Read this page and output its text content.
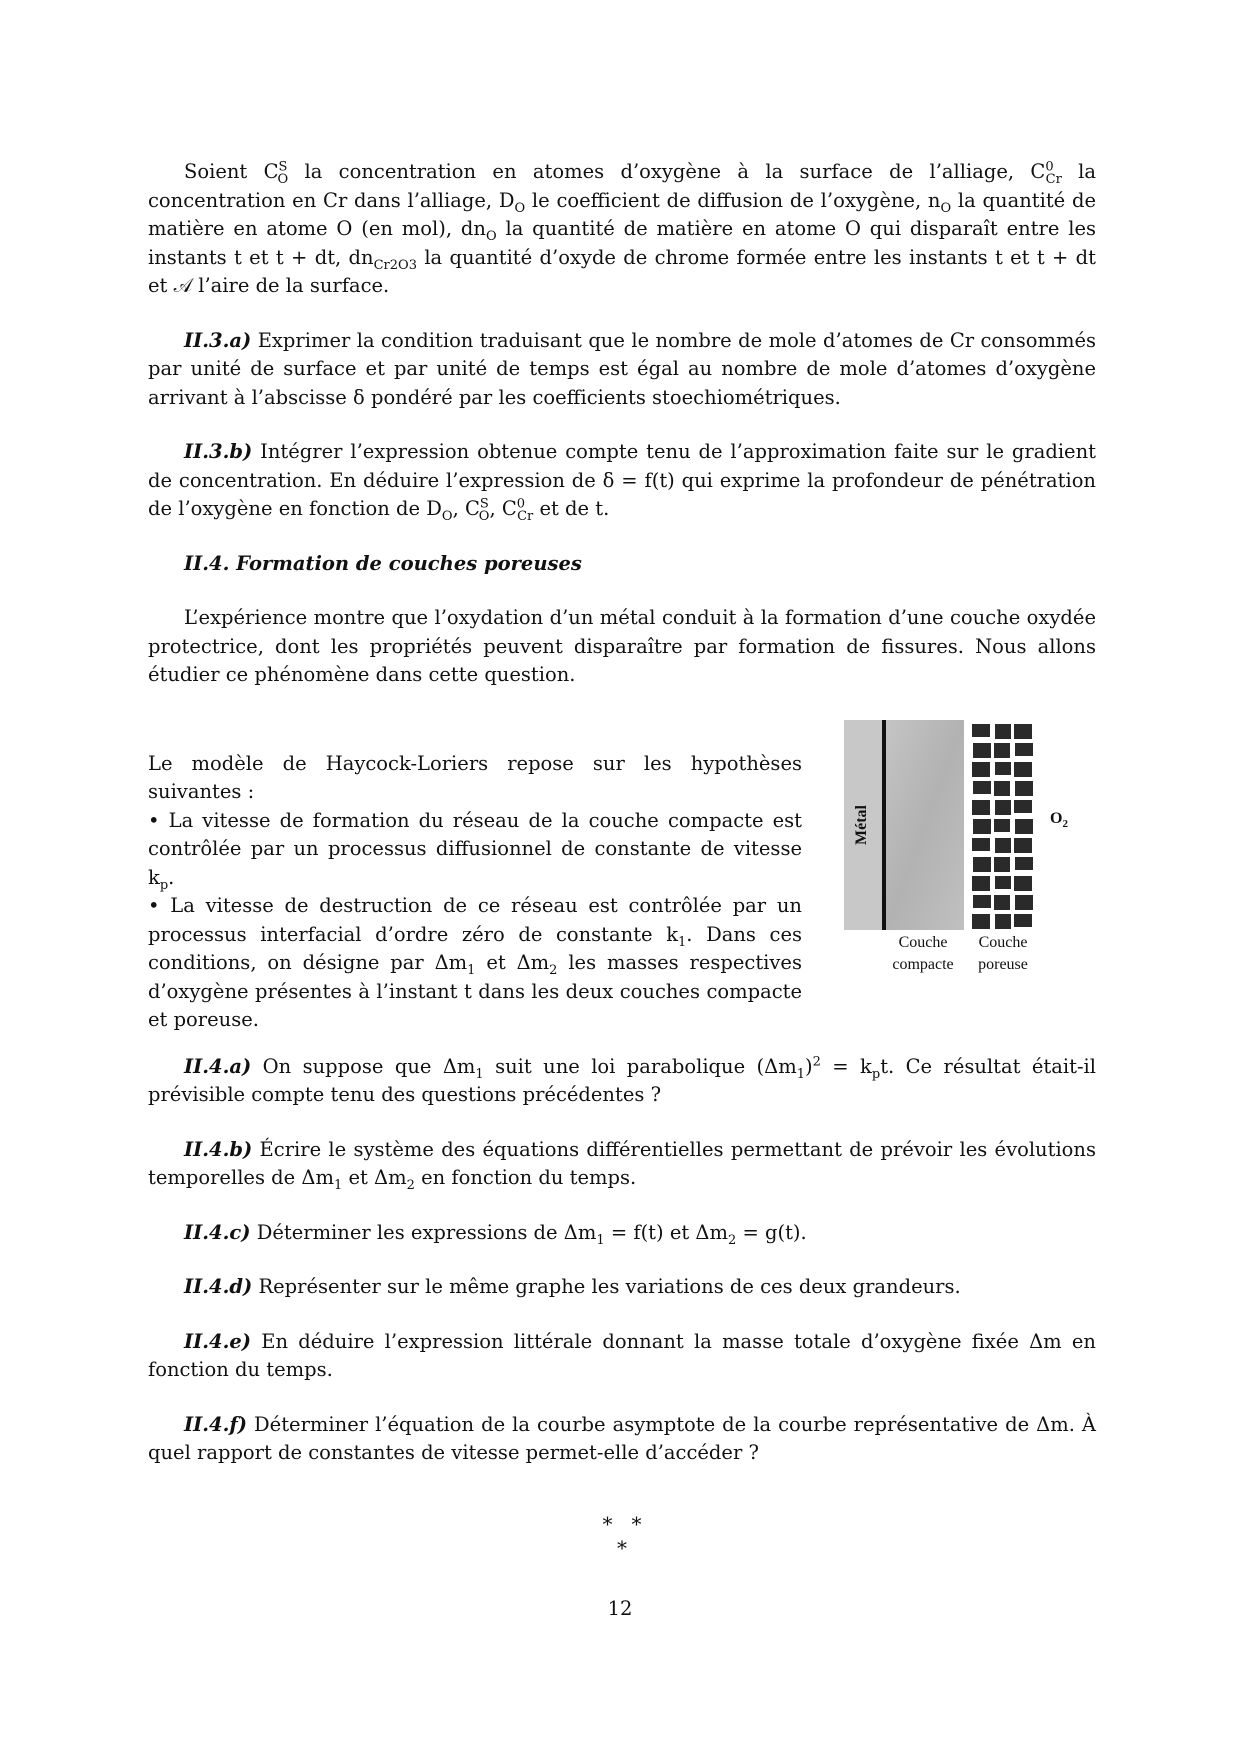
Soient $C^S_O$ la concentration en atomes d’oxygène à la surface de l’alliage, $C^0_{Cr}$ la concentration en Cr dans l’alliage, $D_O$ le coefficient de diffusion de l’oxygène, $n_O$ la quantité de matière en atome O (en mol), $dn_O$ la quantité de matière en atome O qui disparaît entre les instants t et t + dt, $dn_{Cr2O3}$ la quantité d’oxyde de chrome formée entre les instants t et t + dt et 𝒜 l’aire de la surface.

II.3.a) Exprimer la condition traduisant que le nombre de mole d’atomes de Cr consommés par unité de surface et par unité de temps est égal au nombre de mole d’atomes d’oxygène arrivant à l’abscisse δ pondéré par les coefficients stoechiométriques.

II.3.b) Intégrer l’expression obtenue compte tenu de l’approximation faite sur le gradient de concentration. En déduire l’expression de δ = f(t) qui exprime la profondeur de pénétration de l’oxygène en fonction de $D_O$, $C^S_O$, $C^0_{Cr}$ et de t.

II.4. Formation de couches poreuses

L’expérience montre que l’oxydation d’un métal conduit à la formation d’une couche oxydée protectrice, dont les propriétés peuvent disparaître par formation de fissures. Nous allons étudier ce phénomène dans cette question.

Le modèle de Haycock-Loriers repose sur les hypothèses suivantes :

• La vitesse de formation du réseau de la couche compacte est contrôlée par un processus diffusionnel de constante de vitesse $k_p$.

• La vitesse de destruction de ce réseau est contrôlée par un processus interfacial d’ordre zéro de constante $k_1$. Dans ces conditions, on désigne par $\Delta m_1$ et $\Delta m_2$ les masses respectives d’oxygène présentes à l’instant t dans les deux couches compacte et poreuse.

Métal	$O_2$
Couche
compacte
Couche
poreuse

II.4.a) On suppose que $\Delta m_1$ suit une loi parabolique $(\Delta m_1)^2 = k_pt$. Ce résultat était-il prévisible compte tenu des questions précédentes ?

II.4.b) Écrire le système des équations différentielles permettant de prévoir les évolutions temporelles de $\Delta m_1$ et $\Delta m_2$ en fonction du temps.

II.4.c) Déterminer les expressions de $\Delta m_1 = f(t)$ et $\Delta m_2 = g(t)$.

II.4.d) Représenter sur le même graphe les variations de ces deux grandeurs.

II.4.e) En déduire l’expression littérale donnant la masse totale d’oxygène fixée Δm en fonction du temps.

II.4.f) Déterminer l’équation de la courbe asymptote de la courbe représentative de Δm. À quel rapport de constantes de vitesse permet-elle d’accéder ?

*   *
*
12
